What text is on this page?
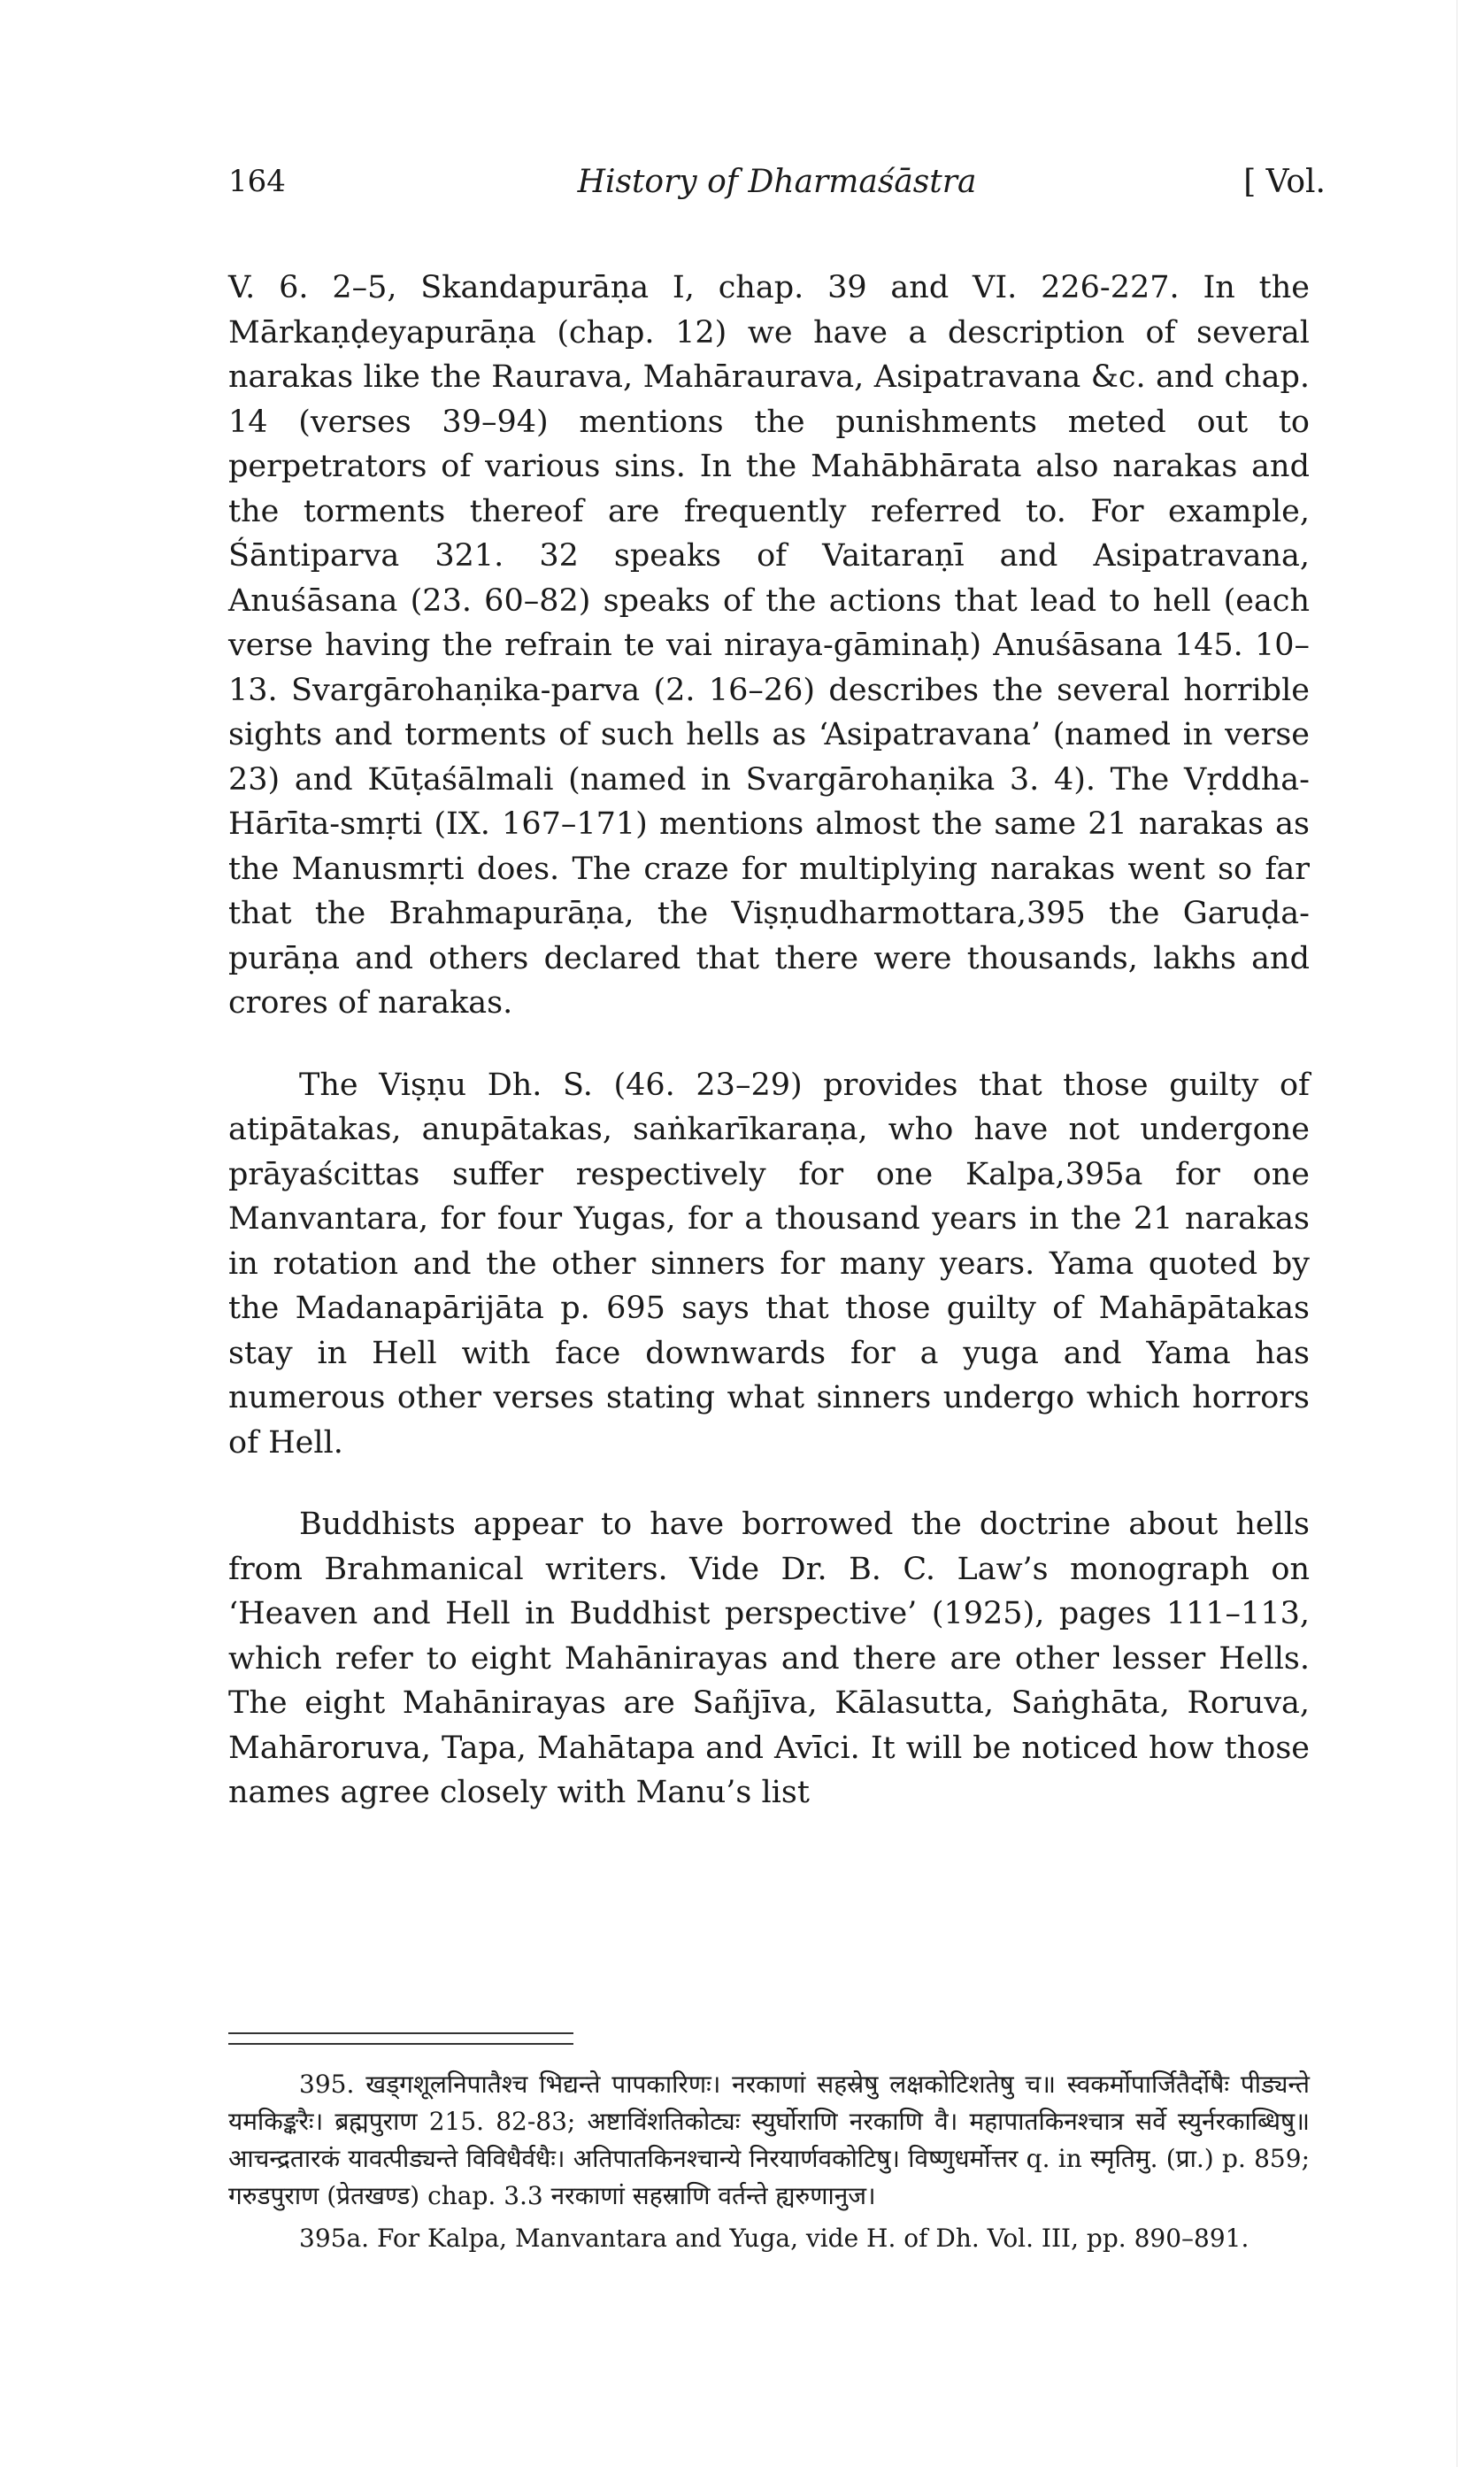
164	History of Dharmaśāstra	[ Vol.

V. 6. 2–5, Skandapurāṇa I, chap. 39 and VI. 226-227. In the Mārkaṇḍeyapurāṇa (chap. 12) we have a description of several narakas like the Raurava, Mahāraurava, Asipatravana &c. and chap. 14 (verses 39–94) mentions the punishments meted out to perpetrators of various sins. In the Mahābhārata also narakas and the torments thereof are frequently referred to. For example, Śāntiparva 321. 32 speaks of Vaitaraṇī and Asipatravana, Anuśāsana (23. 60–82) speaks of the actions that lead to hell (each verse having the refrain te vai niraya-gāminaḥ) Anuśāsana 145. 10–13. Svargārohaṇika-parva (2. 16–26) describes the several horrible sights and torments of such hells as ‘Asipatravana’ (named in verse 23) and Kūṭaśālmali (named in Svargārohaṇika 3. 4). The Vṛddha-Hārīta-smṛti (IX. 167–171) mentions almost the same 21 narakas as the Manusmṛti does. The craze for multiplying narakas went so far that the Brahmapurāṇa, the Viṣṇudharmottara,395 the Garuḍa-purāṇa and others declared that there were thousands, lakhs and crores of narakas.

The Viṣṇu Dh. S. (46. 23–29) provides that those guilty of atipātakas, anupātakas, saṅkarīkaraṇa, who have not undergone prāyaścittas suffer respectively for one Kalpa,395a for one Manvantara, for four Yugas, for a thousand years in the 21 narakas in rotation and the other sinners for many years. Yama quoted by the Madanapārijāta p. 695 says that those guilty of Mahāpātakas stay in Hell with face downwards for a yuga and Yama has numerous other verses stating what sinners undergo which horrors of Hell.

Buddhists appear to have borrowed the doctrine about hells from Brahmanical writers. Vide Dr. B. C. Law’s monograph on ‘Heaven and Hell in Buddhist perspective’ (1925), pages 111–113, which refer to eight Mahānirayas and there are other lesser Hells. The eight Mahānirayas are Sañjīva, Kālasutta, Saṅghāta, Roruva, Mahāroruva, Tapa, Mahātapa and Avīci. It will be noticed how those names agree closely with Manu’s list

395. खड्गशूलनिपातैश्च भिद्यन्ते पापकारिणः। नरकाणां सहस्रेषु लक्षकोटिशतेषु च॥ स्वकर्मोपार्जितैर्दोषैः पीड्यन्ते यमकिङ्करैः। ब्रह्मपुराण 215. 82-83; अष्टाविंशतिकोट्यः स्युर्घोराणि नरकाणि वै। महापातकिनश्चात्र सर्वे स्युर्नरकाब्धिषु॥ आचन्द्रतारकं यावत्पीड्यन्ते विविधैर्वधैः। अतिपातकिनश्चान्ये निरयार्णवकोटिषु। विष्णुधर्मोत्तर q. in स्मृतिमु. (प्रा.) p. 859; गरुडपुराण (प्रेतखण्ड) chap. 3.3 नरकाणां सहस्राणि वर्तन्ते ह्यरुणानुज।

395a. For Kalpa, Manvantara and Yuga, vide H. of Dh. Vol. III, pp. 890–891.
